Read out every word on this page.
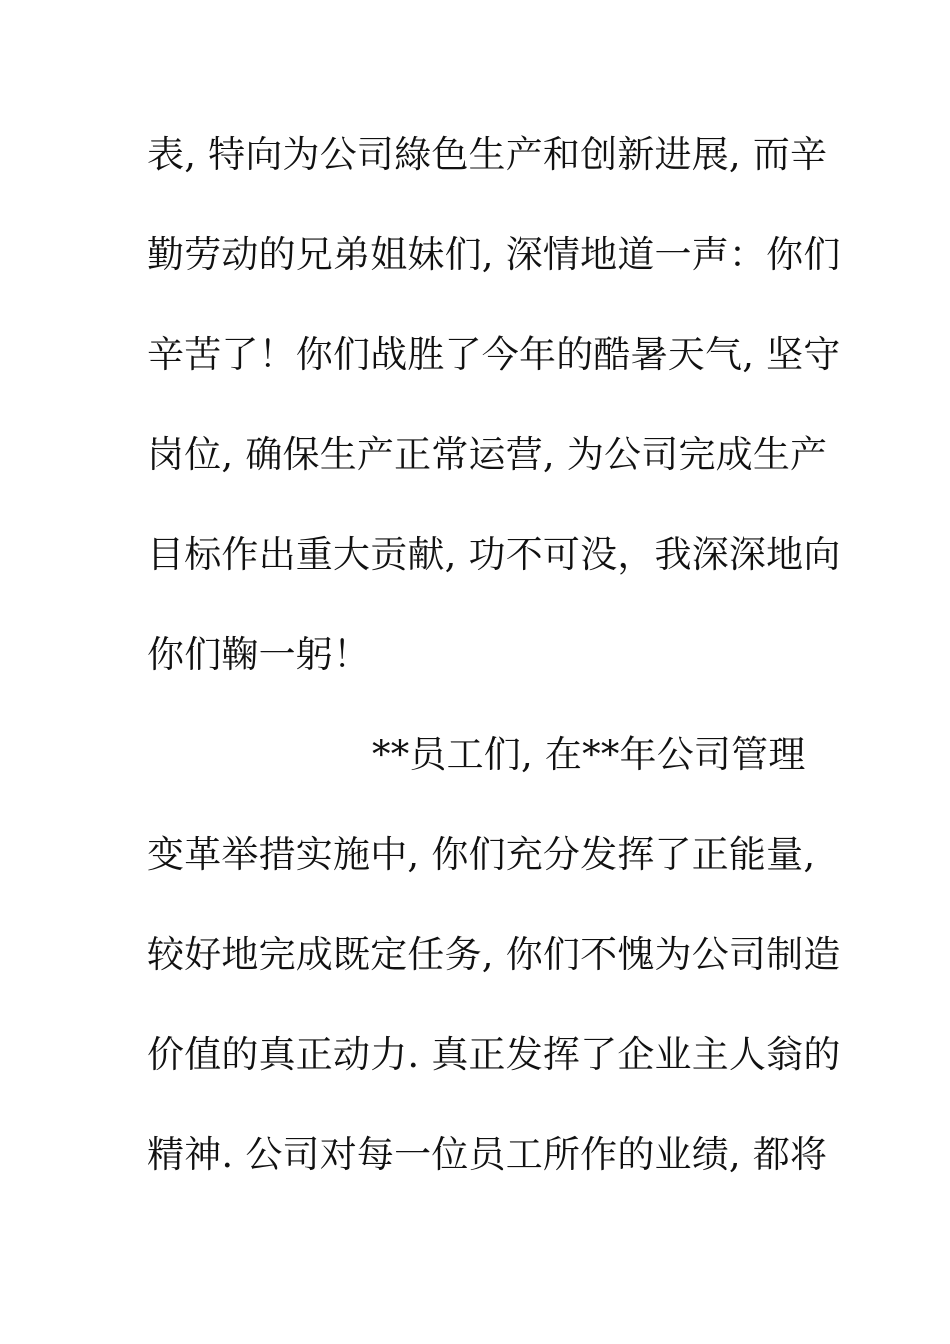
表, 特向为公司綠色生产和创新进展, 而辛
勤劳动的兄弟姐妹们, 深情地道一声：你们
辛苦了！你们战胜了今年的酷暑天气, 坚守
岗位, 确保生产正常运营, 为公司完成生产
目标作出重大贡献, 功不可没，我深深地向
你们鞠一躬！
**员工们, 在**年公司管理
变革举措实施中, 你们充分发挥了正能量,
较好地完成既定任务, 你们不愧为公司制造
价值的真正动力. 真正发挥了企业主人翁的
精神. 公司对每一位员工所作的业绩, 都将
